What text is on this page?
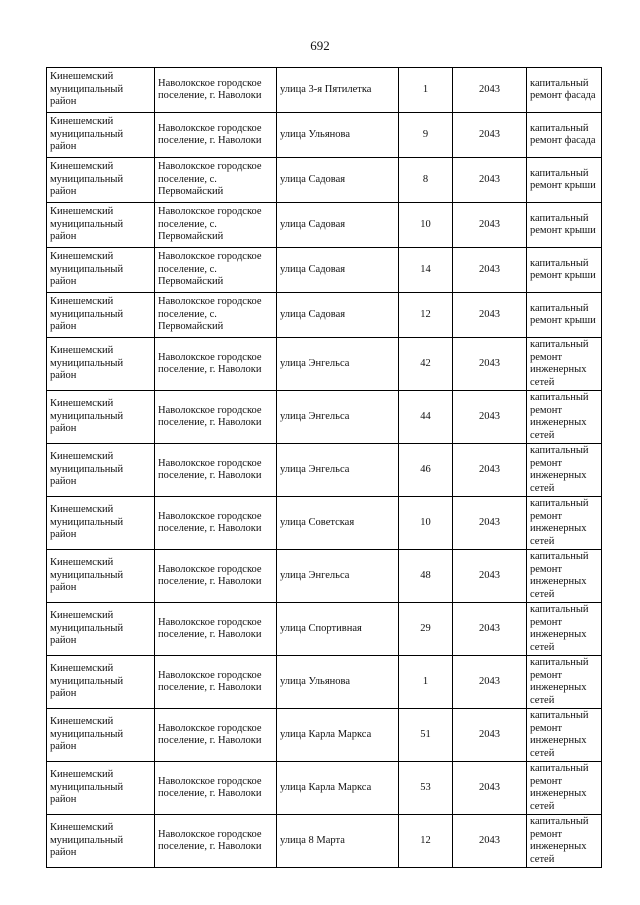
692
Кинешемский муниципальный район	Наволокское городское поселение, г. Наволоки	улица 3-я Пятилетка	1	2043	капитальный ремонт фасада
Кинешемский муниципальный район	Наволокское городское поселение, г. Наволоки	улица Ульянова	9	2043	капитальный ремонт фасада
Кинешемский муниципальный район	Наволокское городское поселение, с. Первомайский	улица Садовая	8	2043	капитальный ремонт крыши
Кинешемский муниципальный район	Наволокское городское поселение, с. Первомайский	улица Садовая	10	2043	капитальный ремонт крыши
Кинешемский муниципальный район	Наволокское городское поселение, с. Первомайский	улица Садовая	14	2043	капитальный ремонт крыши
Кинешемский муниципальный район	Наволокское городское поселение, с. Первомайский	улица Садовая	12	2043	капитальный ремонт крыши
Кинешемский муниципальный район	Наволокское городское поселение, г. Наволоки	улица Энгельса	42	2043	капитальный ремонт инженерных сетей
Кинешемский муниципальный район	Наволокское городское поселение, г. Наволоки	улица Энгельса	44	2043	капитальный ремонт инженерных сетей
Кинешемский муниципальный район	Наволокское городское поселение, г. Наволоки	улица Энгельса	46	2043	капитальный ремонт инженерных сетей
Кинешемский муниципальный район	Наволокское городское поселение, г. Наволоки	улица Советская	10	2043	капитальный ремонт инженерных сетей
Кинешемский муниципальный район	Наволокское городское поселение, г. Наволоки	улица Энгельса	48	2043	капитальный ремонт инженерных сетей
Кинешемский муниципальный район	Наволокское городское поселение, г. Наволоки	улица Спортивная	29	2043	капитальный ремонт инженерных сетей
Кинешемский муниципальный район	Наволокское городское поселение, г. Наволоки	улица Ульянова	1	2043	капитальный ремонт инженерных сетей
Кинешемский муниципальный район	Наволокское городское поселение, г. Наволоки	улица Карла Маркса	51	2043	капитальный ремонт инженерных сетей
Кинешемский муниципальный район	Наволокское городское поселение, г. Наволоки	улица Карла Маркса	53	2043	капитальный ремонт инженерных сетей
Кинешемский муниципальный район	Наволокское городское поселение, г. Наволоки	улица 8 Марта	12	2043	капитальный ремонт инженерных сетей
